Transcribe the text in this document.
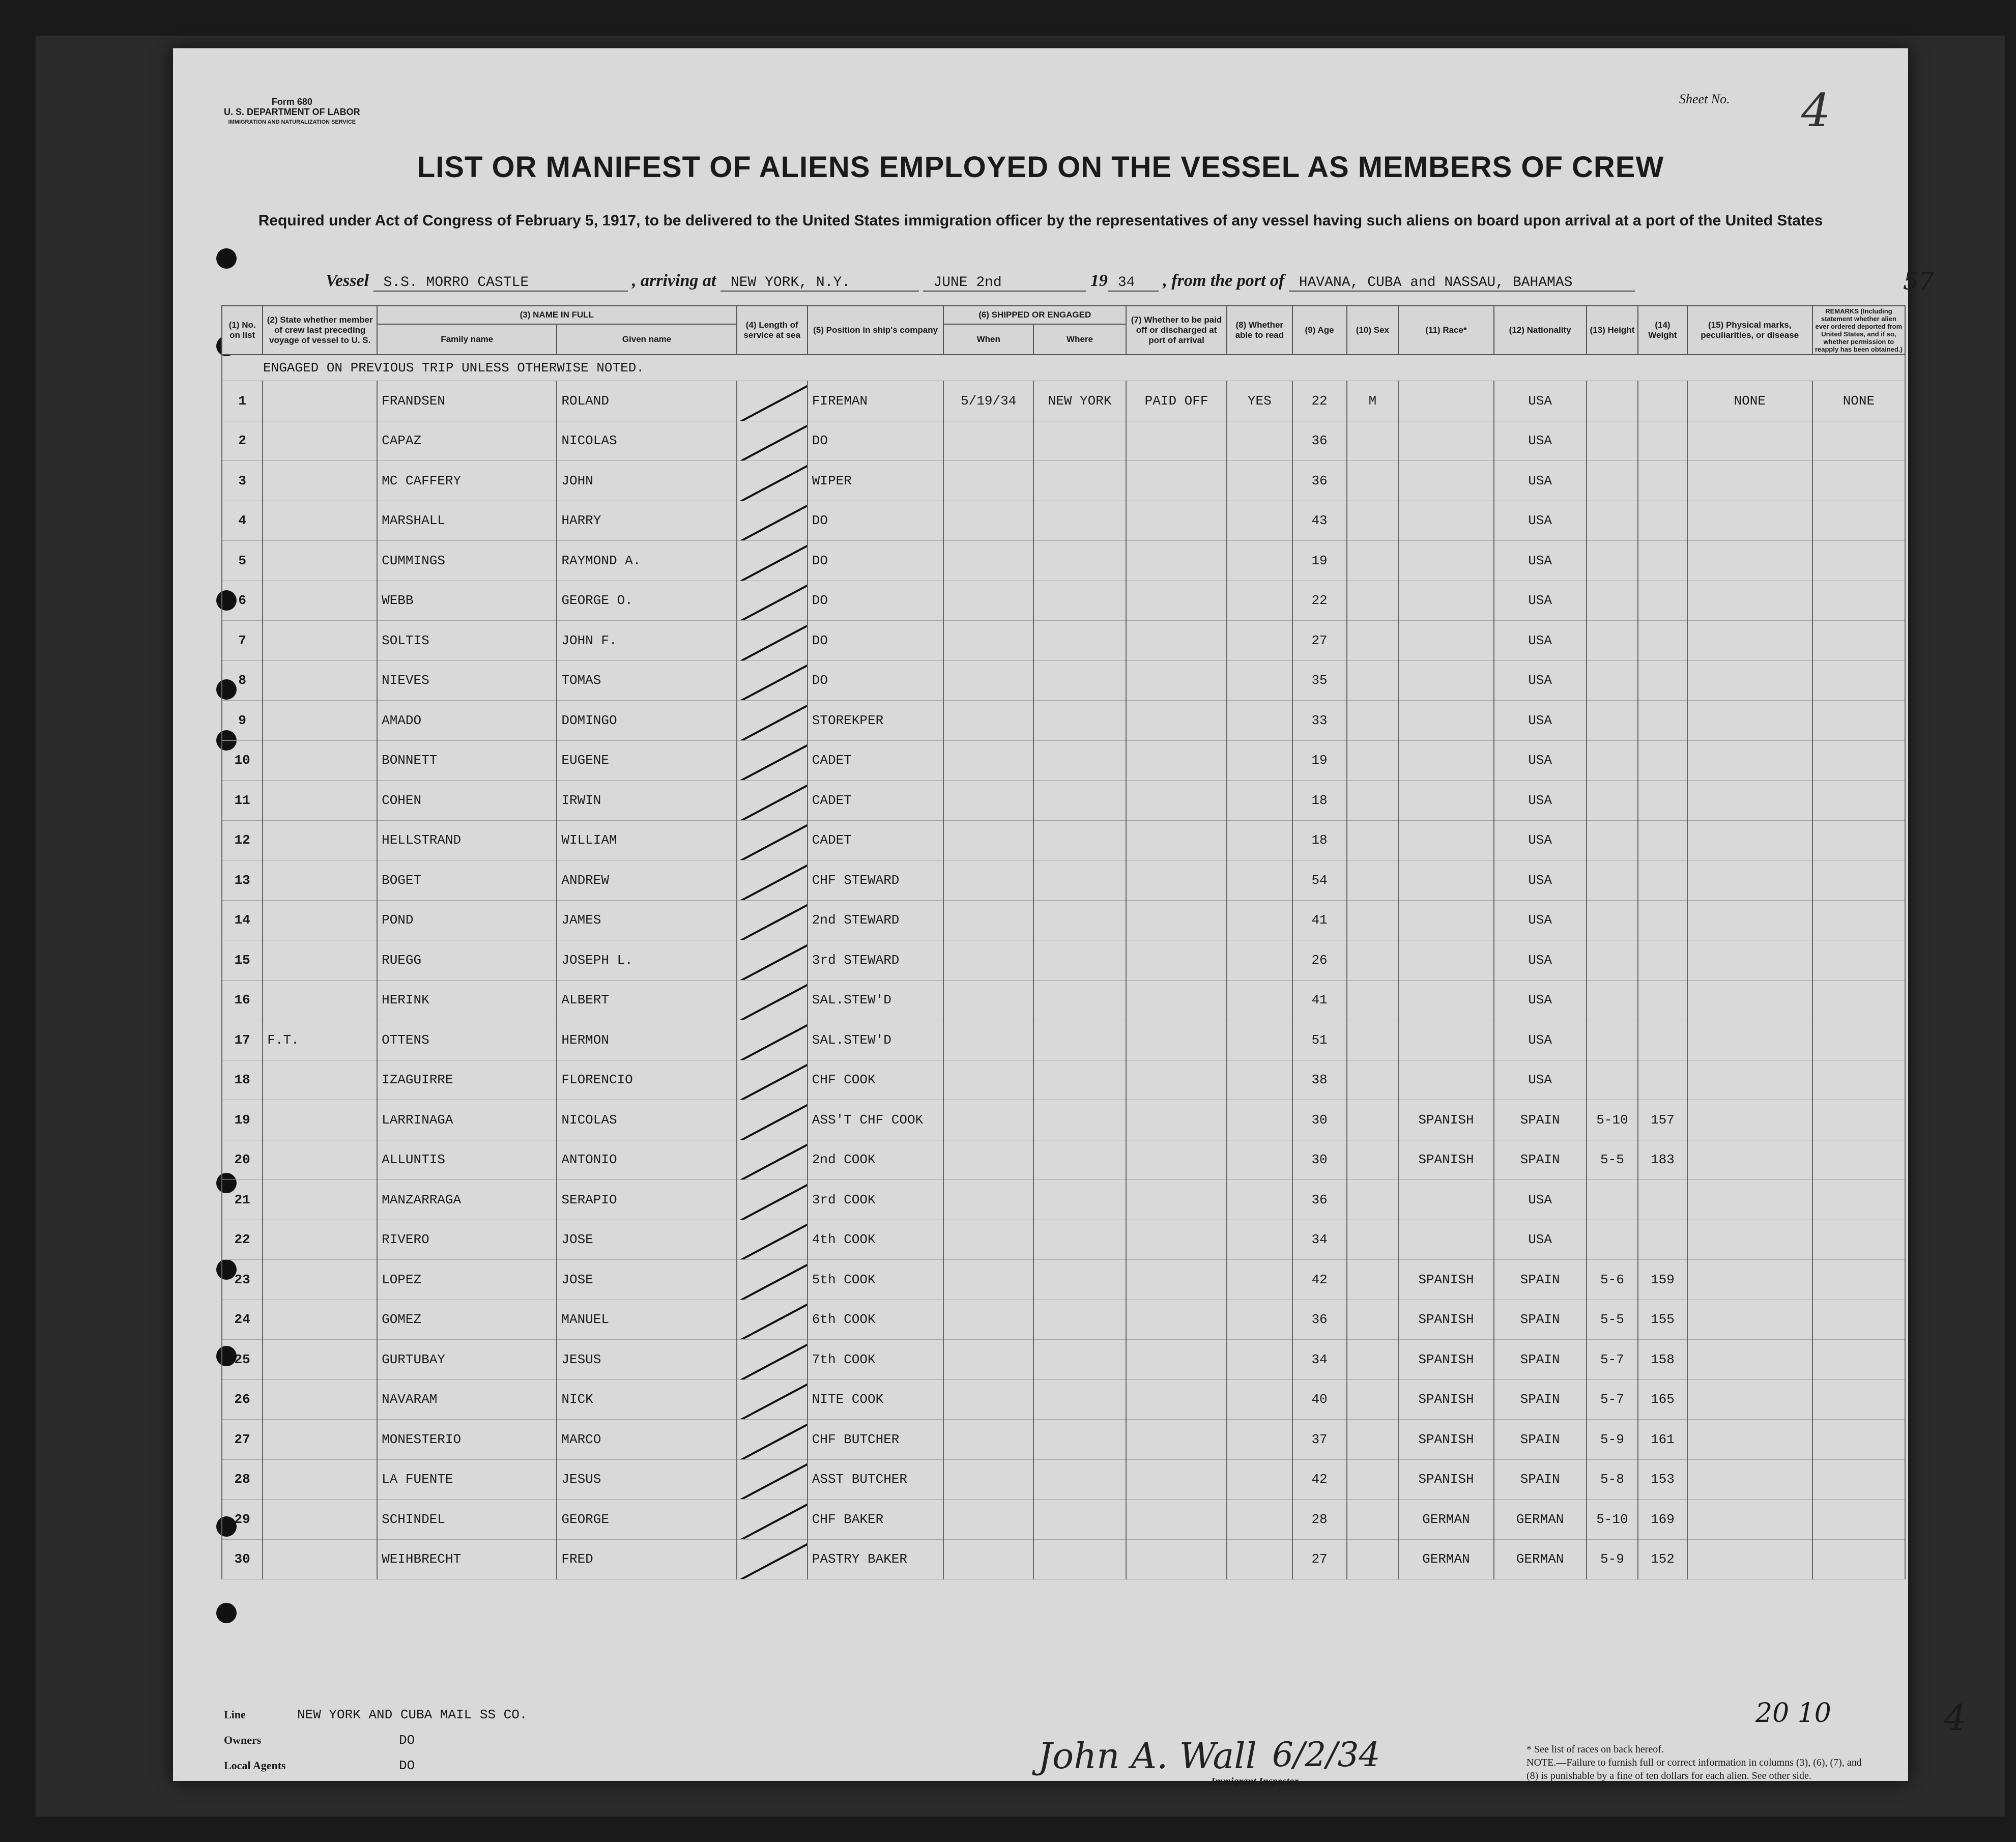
Form 680
U. S. DEPARTMENT OF LABOR
IMMIGRATION AND NATURALIZATION SERVICE
Sheet No. 4
LIST OR MANIFEST OF ALIENS EMPLOYED ON THE VESSEL AS MEMBERS OF CREW
Required under Act of Congress of February 5, 1917, to be delivered to the United States immigration officer by the representatives of any vessel having such aliens on board upon arrival at a port of the United States
Vessel S.S. MORRO CASTLE	, arriving at NEW YORK, N.Y.	JUNE 2nd	19 34 , from the port of HAVANA, CUBA and NASSAU, BAHAMAS	57
(1) No. on list	(2) State whether member of crew last preceding voyage of vessel to U. S.	(3) NAME IN FULL		(4) Length of service at sea	(5) Position in ship's company	(6) SHIPPED OR ENGAGED		(7) Whether to be paid off or discharged at port of arrival	(8) Whether able to read	(9) Age	(10) Sex	(11) Race*	(12) Nationality	(13) Height	(14) Weight	(15) Physical marks, peculiarities, or disease	REMARKS (Including statement whether alien ever ordered deported from United States, and if so, whether permission to reapply has been obtained.)
		Family name	Given name			When	Where										
ENGAGED ON PREVIOUS TRIP UNLESS OTHERWISE NOTED.																	
1		FRANDSEN	ROLAND		FIREMAN	5/19/34	NEW YORK	PAID OFF	YES	22	M		USA			NONE	NONE
2		CAPAZ	NICOLAS		DO					36			USA				
3		MC CAFFERY	JOHN		WIPER					36			USA				
4		MARSHALL	HARRY		DO					43			USA				
5		CUMMINGS	RAYMOND A.		DO					19			USA				
6		WEBB	GEORGE O.		DO					22			USA				
7		SOLTIS	JOHN F.		DO					27			USA				
8		NIEVES	TOMAS		DO					35			USA				
9		AMADO	DOMINGO		STOREKPER					33			USA				
10		BONNETT	EUGENE		CADET					19			USA				
11		COHEN	IRWIN		CADET					18			USA				
12		HELLSTRAND	WILLIAM		CADET					18			USA				
13		BOGET	ANDREW		CHF STEWARD					54			USA				
14		POND	JAMES		2nd STEWARD					41			USA				
15		RUEGG	JOSEPH L.		3rd STEWARD					26			USA				
16		HERINK	ALBERT		SAL.STEW'D					41			USA				
17	F.T.	OTTENS	HERMON		SAL.STEW'D					51			USA				
18		IZAGUIRRE	FLORENCIO		CHF COOK					38			USA				
19		LARRINAGA	NICOLAS		ASS'T CHF COOK					30		SPANISH	SPAIN	5-10	157		
20		ALLUNTIS	ANTONIO		2nd COOK					30		SPANISH	SPAIN	5-5	183		
21		MANZARRAGA	SERAPIO		3rd COOK					36			USA				
22		RIVERO	JOSE		4th COOK					34			USA				
23		LOPEZ	JOSE		5th COOK					42		SPANISH	SPAIN	5-6	159		
24		GOMEZ	MANUEL		6th COOK					36		SPANISH	SPAIN	5-5	155		
25		GURTUBAY	JESUS		7th COOK					34		SPANISH	SPAIN	5-7	158		
26		NAVARAM	NICK		NITE COOK					40		SPANISH	SPAIN	5-7	165		
27		MONESTERIO	MARCO		CHF BUTCHER					37		SPANISH	SPAIN	5-9	161		
28		LA FUENTE	JESUS		ASST BUTCHER					42		SPANISH	SPAIN	5-8	153		
29		SCHINDEL	GEORGE		CHF BAKER					28		GERMAN	GERMAN	5-10	169		
30		WEIHBRECHT	FRED		PASTRY BAKER					27		GERMAN	GERMAN	5-9	152		
Line	NEW YORK AND CUBA MAIL SS CO.
Owners	DO
Local Agents	DO	John A. Wall 6/2/34
Immigrant Inspector.
* See list of races on back hereof.
NOTE.—Failure to furnish full or correct information in columns (3), (6), (7), and (8) is punishable by a fine of ten dollars for each alien. See other side.
20 10	4
